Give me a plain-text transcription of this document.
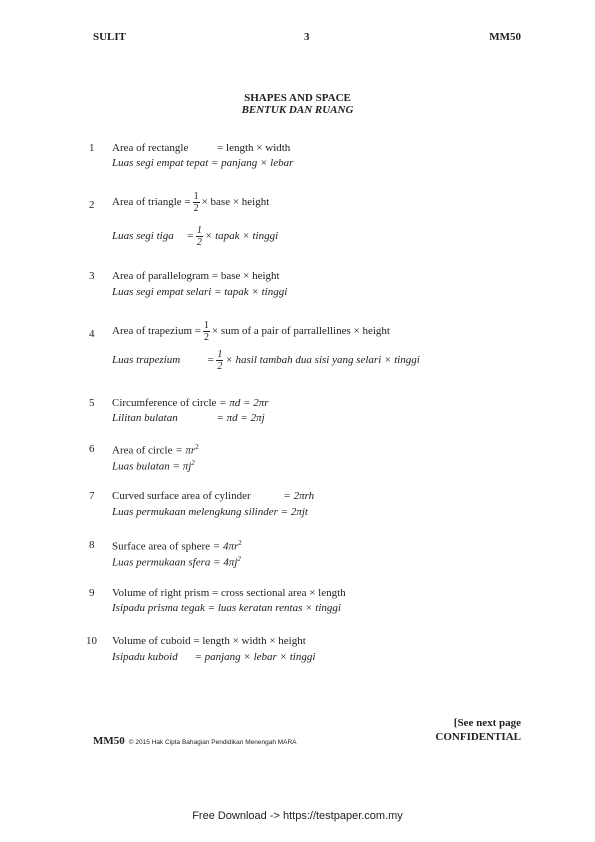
SULIT	3	MM50
SHAPES AND SPACE
BENTUK DAN RUANG
1 Area of rectangle	= length × width
Luas segi empat tepat = panjang × lebar
2 Area of triangle = $\frac{1}{2}$ × base × height
Luas segi tiga = $\frac{1}{2}$ × tapak × tinggi
3 Area of parallelogram = base × height
Luas segi empat selari = tapak × tinggi
4 Area of trapezium = $\frac{1}{2}$ × sum of a pair of parrallellines × height
Luas trapezium = $\frac{1}{2}$ × hasil tambah dua sisi yang selari × tinggi
5 Circumference of circle = πd = 2πr
Lilitan bulatan	= πd = 2πj
6 Area of circle = $\pi r^2$
Luas bulatan = $\pi j^2$
7 Curved surface area of cylinder	= 2πrh
Luas permukaan melengkung silinder = 2πjt
8 Surface area of sphere = $4\pi r^2$
Luas permukaan sfera = $4\pi j^2$
9 Volume of right prism = cross sectional area × length
Isipadu prisma tegak = luas keratan rentas × tinggi
10 Volume of cuboid = length × width × height
Isipadu kuboid = panjang × lebar × tinggi
MM50 © 2015 Hak Cipta Bahagian Pendidikan Menengah MARA
[See next page
CONFIDENTIAL
Free Download -> https://testpaper.com.my
